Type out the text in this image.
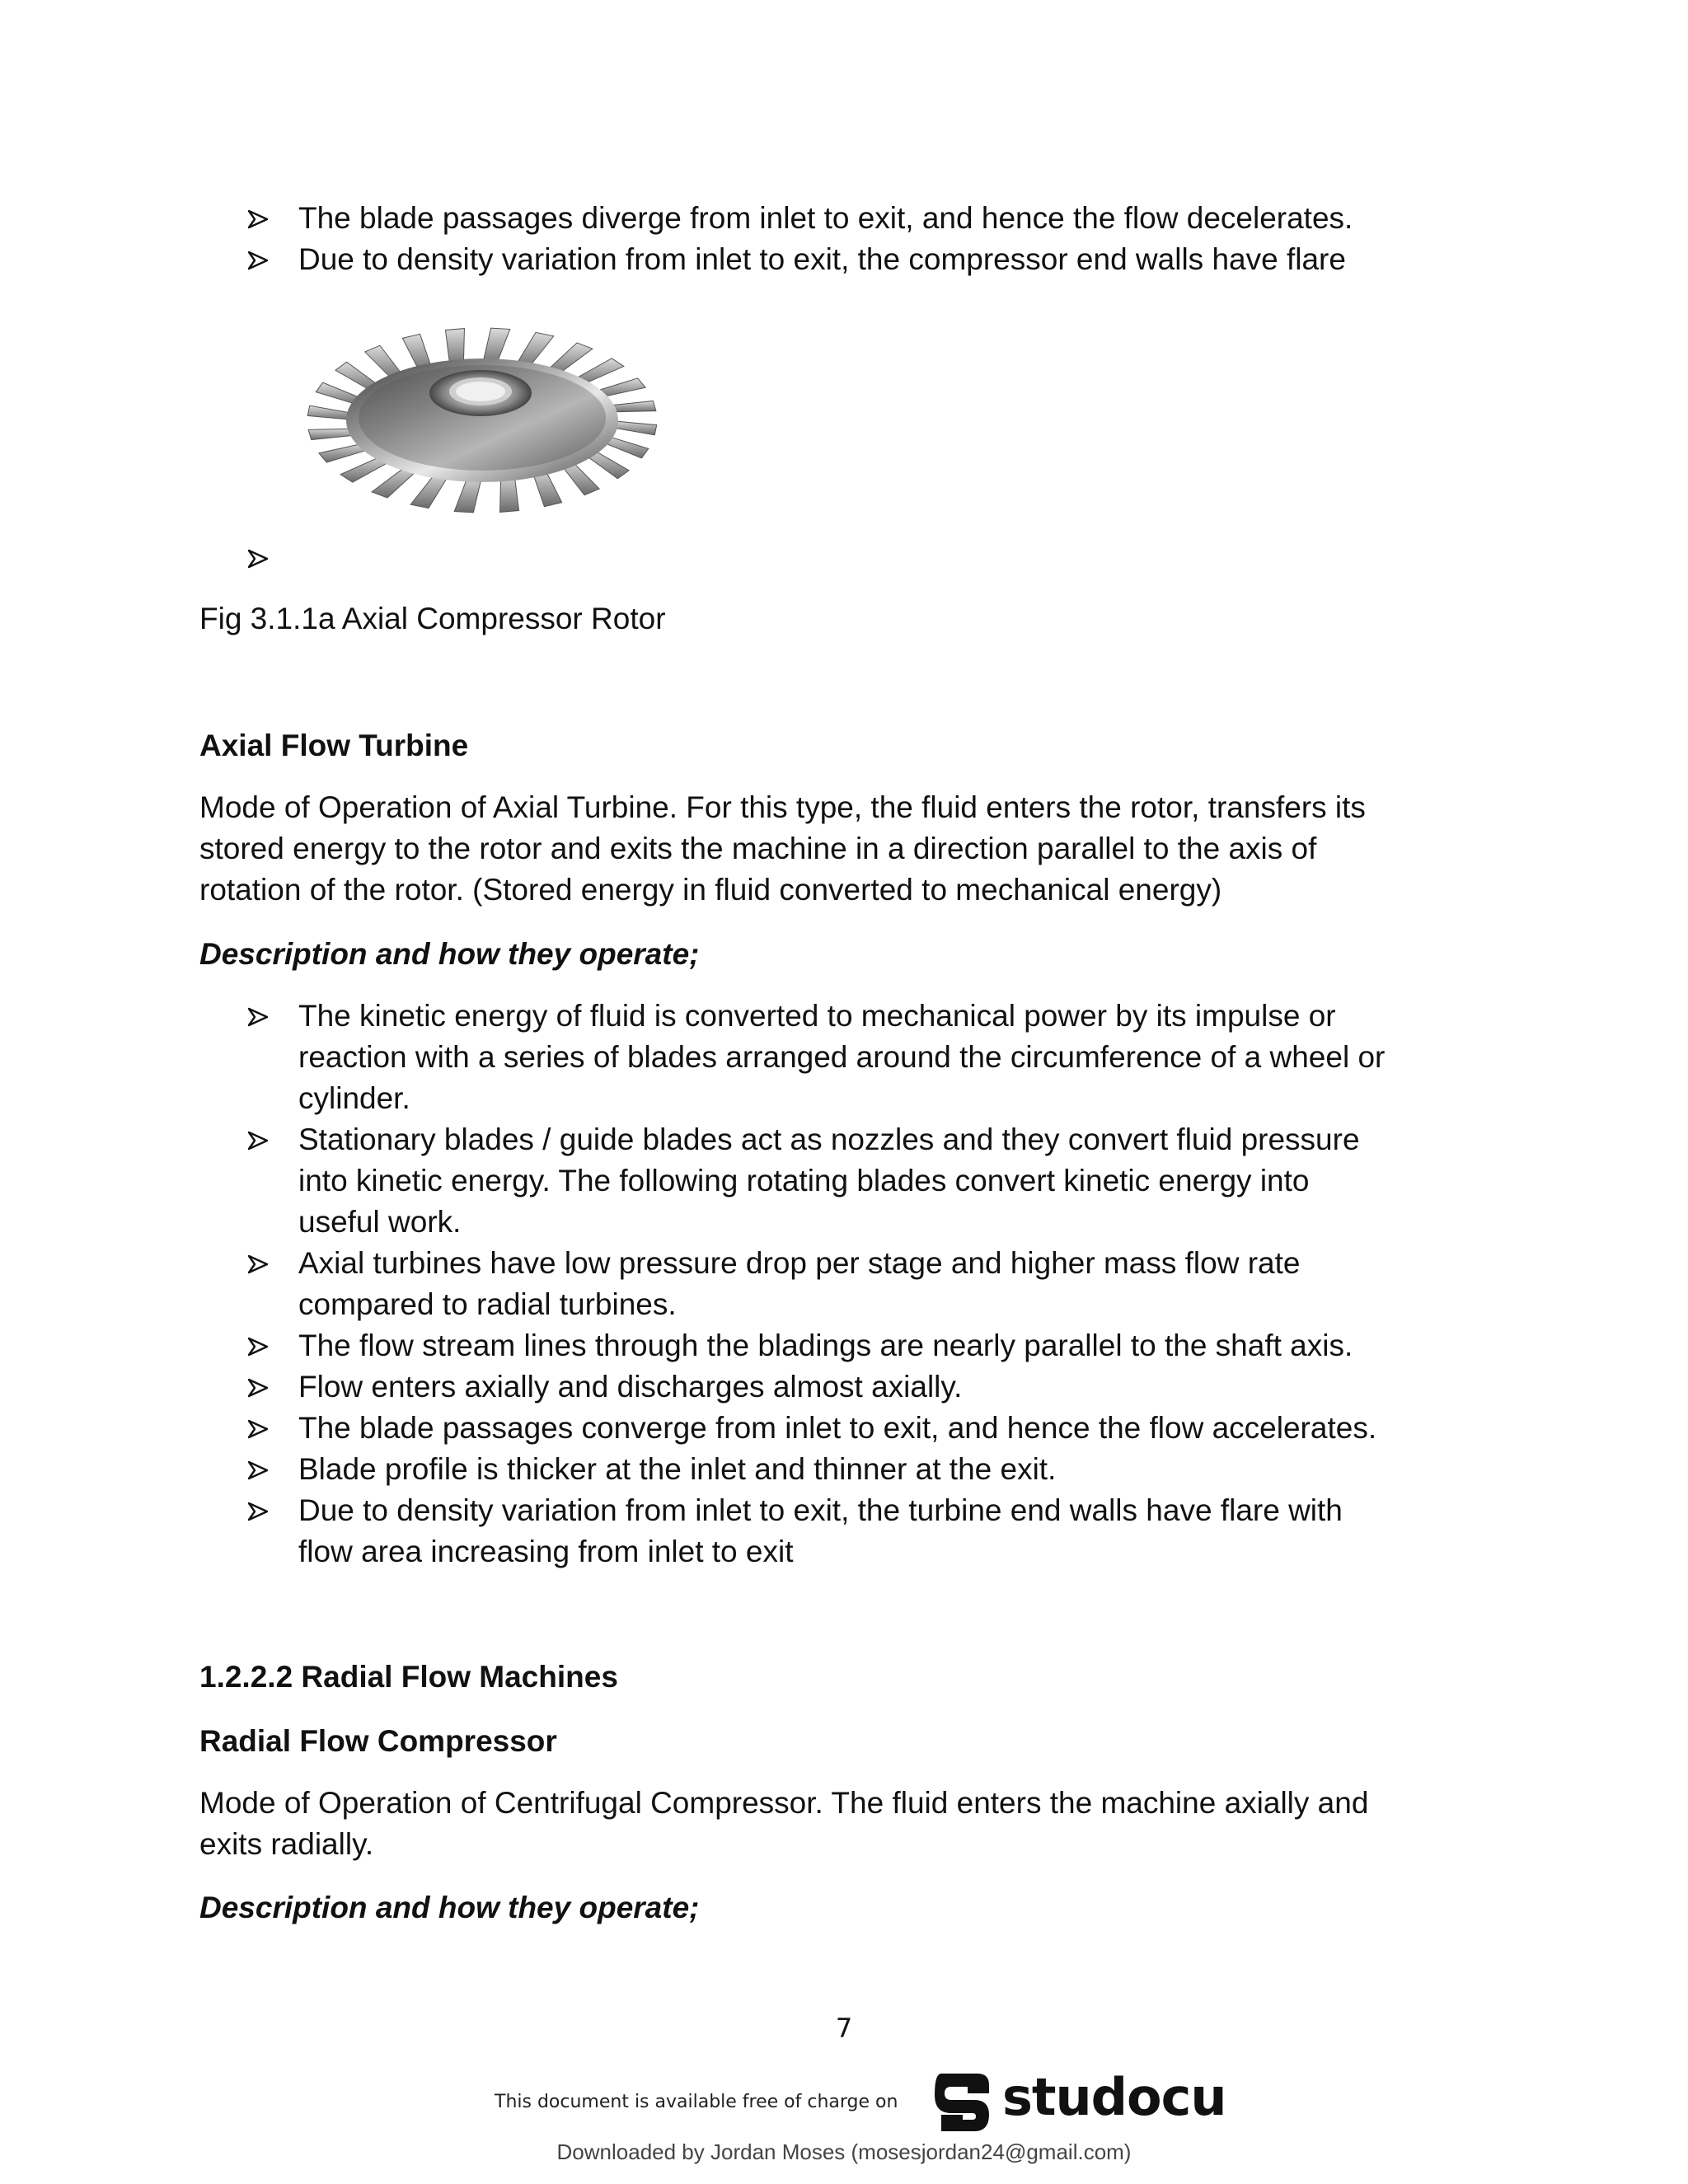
The blade passages diverge from inlet to exit, and hence the flow decelerates.
Due to density variation from inlet to exit, the compressor end walls have flare
Fig 3.1.1a Axial Compressor Rotor
Axial Flow Turbine
Mode of Operation of Axial Turbine. For this type, the fluid enters the rotor, transfers its
stored energy to the rotor and exits the machine in a direction parallel to the axis of
rotation of the rotor. (Stored energy in fluid converted to mechanical energy)
Description and how they operate;
The kinetic energy of fluid is converted to mechanical power by its impulse or
reaction with a series of blades arranged around the circumference of a wheel or
cylinder.
Stationary blades / guide blades act as nozzles and they convert fluid pressure
into kinetic energy. The following rotating blades convert kinetic energy into
useful work.
Axial turbines have low pressure drop per stage and higher mass flow rate
compared to radial turbines.
The flow stream lines through the bladings are nearly parallel to the shaft axis.
Flow enters axially and discharges almost axially.
The blade passages converge from inlet to exit, and hence the flow accelerates.
Blade profile is thicker at the inlet and thinner at the exit.
Due to density variation from inlet to exit, the turbine end walls have flare with
flow area increasing from inlet to exit
1.2.2.2 Radial Flow Machines
Radial Flow Compressor
Mode of Operation of Centrifugal Compressor. The fluid enters the machine axially and
exits radially.
Description and how they operate;
7
This document is available free of charge on studocu
Downloaded by Jordan Moses (mosesjordan24@gmail.com)
